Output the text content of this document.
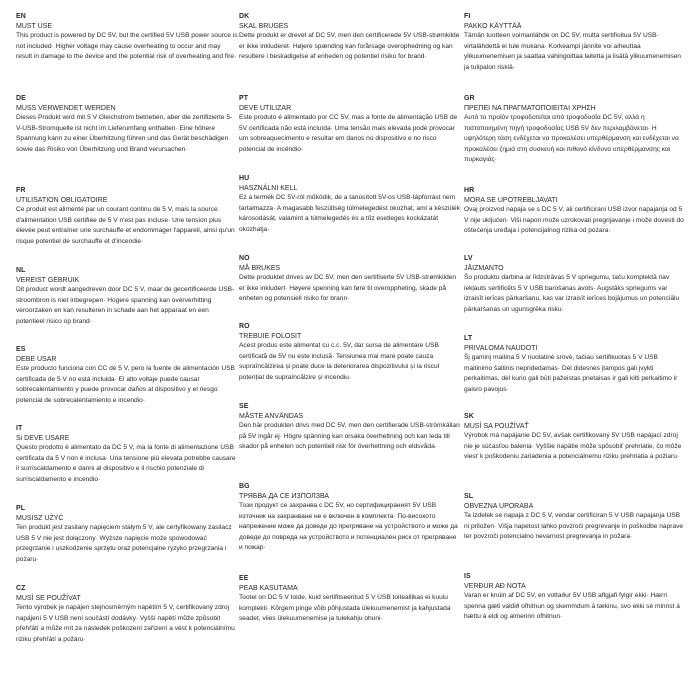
EN
MUST USE
This product is powered by DC 5V, but the certified 5V USB power source is not included· Higher voltage may cause overheating to occur and may result in damage to the device and the potential risk of overheating and fire·
DE
MUSS VERWENDET WERDEN
Dieses Produkt wird mit 5 V Gleichstrom betrieben, aber die zertifizierte 5-V-USB-Stromquelle ist nicht im Lieferumfang enthalten· Eine höhere Spannung kann zu einer Überhitzung führen und das Gerät beschädigen sowie das Risiko von Überhitzung und Brand verursachen·
FR
UTILISATION OBLIGATOIRE
Ce produit est alimenté par un courant continu de 5 V, mais la source d'alimentation USB certifiée de 5 V n'est pas incluse· Une tension plus élevée peut entraîner une surchauffe et endommager l'appareil, ainsi qu'un risque potentiel de surchauffe et d'incendie·
NL
VEREIST GEBRUIK
Dit product wordt aangedreven door DC 5 V, maar de gecertificeerde USB-stroombron is niet inbegrepen· Hogere spanning kan oververhitting veroorzaken en kan resulteren in schade aan het apparaat en een potentieel risico op brand·
ES
DEBE USAR
Este producto funciona con CC de 5 V, pero la fuente de alimentación USB certificada de 5 V no está incluida· El alto voltaje puede causar sobrecalentamiento y puede provocar daños al dispositivo y el riesgo potencial de sobrecalentamiento e incendio·
IT
Si DEVE USARE
Questo prodotto è alimentato da DC 5 V, ma la fonte di alimentazione USB certificata da 5 V non è inclusa· Una tensione più elevata potrebbe causare il surriscaldamento e danni al dispositivo e il rischio potenziale di surriscaldamento e incendio·
PL
MUSISZ UŻYĆ
Ten produkt jest zasilany napięciem stałym 5 V, ale certyfikowany zasilacz USB 5 V nie jest dołączony· Wyższe napięcie może spowodować przegrzanie i uszkodzenie sprzętu oraz potencjalne ryzyko przegrzania i pożaru·
CZ
MUSÍ SE POUŽÍVAT
Tento výrobek je napájen stejnosměrným napětím 5 V, certifikovaný zdroj napájení 5 V USB není součástí dodávky· Vyšší napětí může způsobit přehřátí a může mít za následek poškození zařízení a vést k potenciálnímu riziku přehřátí a požáru·
DK
SKAL BRUGES
Dette produkt er drevet af DC 5V, men den certificerede 5V USB-strømkilde er ikke inkluderet· Højere spænding kan forårsage overophedning og kan resultere i beskadigelse af enheden og potentiel risiko for brand·
PT
DEVE UTILIZAR
Este produto é alimentado por CC 5V, mas a fonte de alimentação USB de 5V certificada não está incluída· Uma tensão mais elevada pode provocar um sobreaquecimento e resultar em danos no dispositivo e no risco potencial de incêndio·
HU
HASZNÁLNI KELL
Ez a termék DC 5V-ról működik, de a tanúsított 5V-os USB-tápforrást nem tartalmazza· A magasabb feszültség túlmelegedést okozhat, ami a készülék károsodását, valamint a túlmelegedés és a tűz esetleges kockázatát okozhatja·
NO
MÅ BRUKES
Dette produktet drives av DC 5V, men den sertifiserte 5V USB-strømkilden er ikke inkludert· Høyere spenning kan føre til overoppheting, skade på enheten og potensiell risiko for brann·
RO
TREBUIE FOLOSIT
Acest produs este alimentat cu c.c. 5V, dar sursa de alimentare USB certificată de 5V nu este inclusă· Tensiunea mai mare poate cauza supraîncălzirea și poate duce la deteriorarea dispozitivului și la riscul potențial de supraîncălzire și incendiu·
SE
MÅSTE ANVÄNDAS
Den här produkten drivs med DC 5V, men den certifierade USB-strömkällan på 5V ingår ej· Högre spänning kan orsaka överhettning och kan leda till skador på enheten och potentiell risk för överhettning och eldsvåda·
BG
ТРЯБВА ДА СЕ ИЗПОЛЗВА
Този продукт се захранва с DC 5V, но сертифицираният 5V USB източник на захранване не е включен в комплекта· По-високото напрежение може да доведе до прегряване на устройството и може да доведе до повреда на устройството и потенциален риск от прегряване и пожар·
EE
PEAB KASUTAMA
Tootel on DC 5 V toide, kuid sertifitseeritud 5 V USB toiteallikas ei kuulu komplekti· Kõrgem pinge võib põhjustada ülekuumenemist ja kahjustada seadet, viies ülekuumenemise ja tulekahju ohuni·
FI
PAKKO KÄYTTÄÄ
Tämän tuotteen voimanlähde on DC 5V, mutta sertifioitua 5V USB-virtalähdettä ei tule mukana· Korkeampi jännite voi aiheuttaa ylikuumenemisen ja saattaa vahingoittaa laitetta ja lisätä ylikuumenemisen ja tulipalon riskiä·
GR
ΠΡΕΠΕΙ ΝΑ ΠΡΑΓΜΑΤΟΠΟΙΕΙΤΑΙ ΧΡΗΣΗ
Αυτό το προϊόν τροφοδοτείται από τροφοδοσία DC 5V, αλλά η πιστοποιημένη πηγή τροφοδοσίας USB 5V δεν περιλαμβάνεται· Η υψηλότερη τάση ενδέχεται να προκαλέσει υπερθέρμανση και ενδέχεται να προκαλέσει ζημιά στη συσκευή και πιθανό κίνδυνο υπερθέρμανσης και πυρκαγιάς·
HR
MORA SE UPOTREBLJAVATI
Ovaj proizvod napaja se s DC 5 V, ali certificirani USB izvor napajanja od 5 V nije uključen· Viši napon može uzrokovati pregrijavanje i može dovesti do oštećenja uređaja i potencijalnog rizika od pożara·
LV
JĀIZMANTO
Šo produktu darbina ar līdzstrāvas 5 V spriegumu, taču komplektā nav iekļauts sertificēts 5 V USB barošanas avots· Augstāks spriegums var izraisīt ierīces pārkaršanu, kas var izraisīt ierīces bojājumus un potenciālu pārkaršanas un ugunsgrēka risku·
LT
PRIVALOMA NAUDOTI
Šį gaminį maitina 5 V nuolatinė srovė, tačiau sertifikuotas 5 V USB maitinimo šaltinis nepridedamas· Dėl didesnės įtampos gali įvykti perkaitimas, dėl kurio gali būti pažeistas prietaisas ir gali kilti perkaitimo ir gaisro pavojus·
SK
MUSÍ SA POUŽÍVAŤ
Výrobok má napájanie DC 5V, avšak certifikovaný 5V USB napájací zdroj nie je súčasťou balenia· Vyššie napätie môže spôsobiť prehriatie, čo môže viesť k poškodeniu zariadenia a potenciálnemu riziku prehriatia a požiaru·
SL
OBVEZNA UPORABA
Ta izdelek se napaja z DC 5 V, vendar certificiran 5 V USB napajanja USB ni priložen· Višja napetost lahko povzroči pregrevanje in poškodbe naprave ter povzroči potencialno nevarnost pregrevanja in požara·
IS
VERÐUR AÐ NOTA
Varan er knúin af DC 5V, en vottaður 5V USB aflgjafi fylgir ekki· Hærri spenna gæti valdið ofhitnun og skemmdum á tækinu, svo ekki sé minnst á hættu á eldi og almennri ofhitnun·
